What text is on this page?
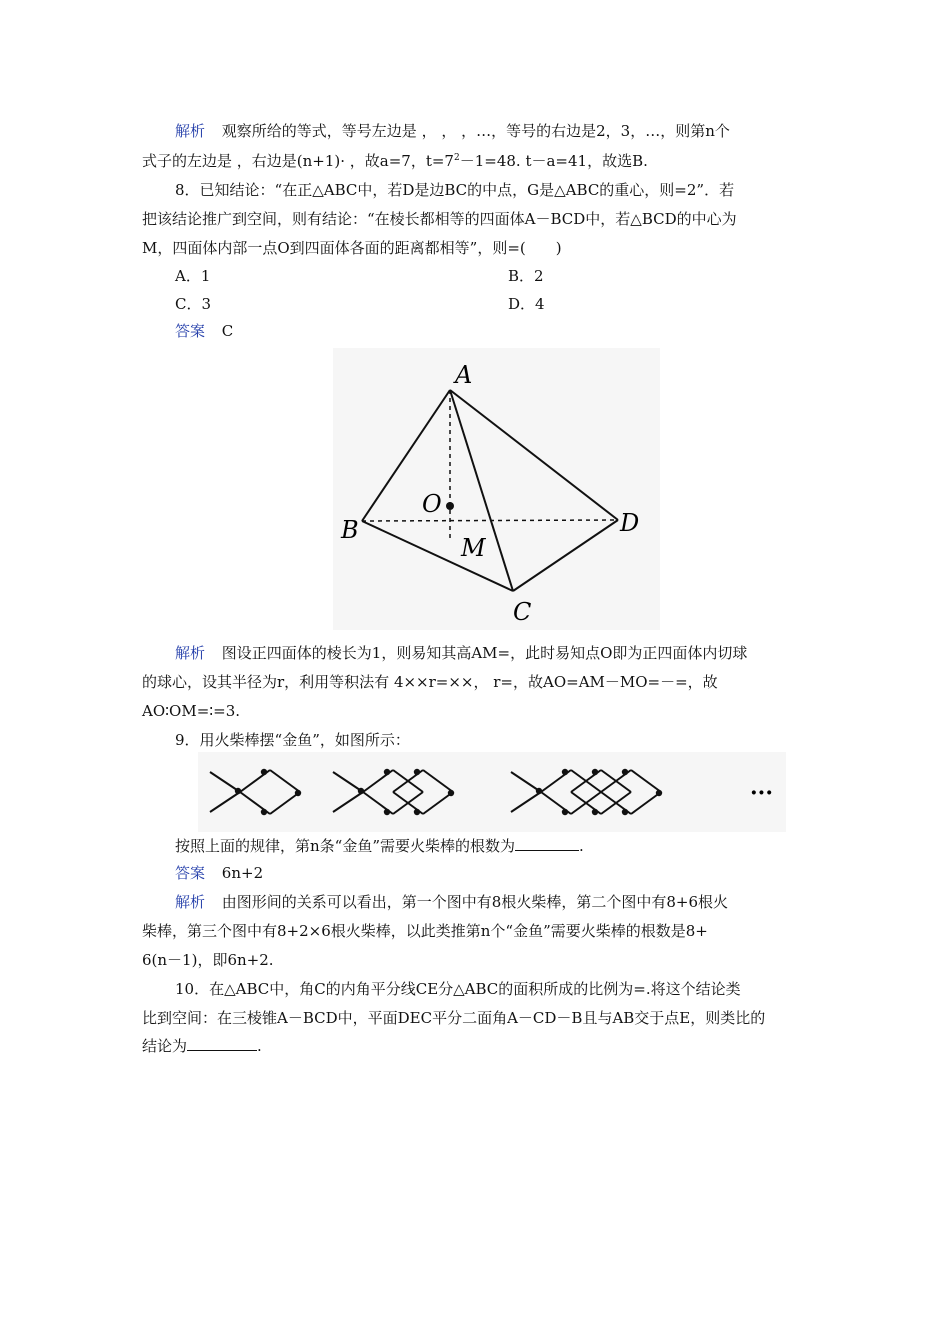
解析 观察所给的等式，等号左边是 ， ， ，…，等号的右边是2，3，…，则第n个
式子的左边是 ，右边是(n+1)· ，故a=7，$t=7^2-1=48$. t－a=41，故选B.
8．已知结论：“在正△ABC中，若D是边BC的中点，G是△ABC的重心，则=2”．若
把该结论推广到空间，则有结论：“在棱长都相等的四面体A－BCD中，若△BCD的中心为
M，四面体内部一点O到四面体各面的距离都相等”，则=(　　)
A．1	B．2
C．3	D．4
答案 C
A
B
C
D
O
M
解析 图设正四面体的棱长为1，则易知其高AM=，此时易知点O即为正四面体内切球
的球心，设其半径为r，利用等积法有 4××r=××， r=，故AO=AM－MO=－=，故
AO∶OM=∶=3.
9．用火柴棒摆“金鱼”，如图所示：
···
按照上面的规律，第n条“金鱼”需要火柴棒的根数为	.
答案 6n+2
解析 由图形间的关系可以看出，第一个图中有8根火柴棒，第二个图中有8+6根火
柴棒，第三个图中有8+2×6根火柴棒，以此类推第n个“金鱼”需要火柴棒的根数是8+
6(n－1)，即6n+2.
10．在△ABC中，角C的内角平分线CE分△ABC的面积所成的比例为=.将这个结论类
比到空间：在三棱锥A－BCD中，平面DEC平分二面角A－CD－B且与AB交于点E，则类比的
结论为	.
